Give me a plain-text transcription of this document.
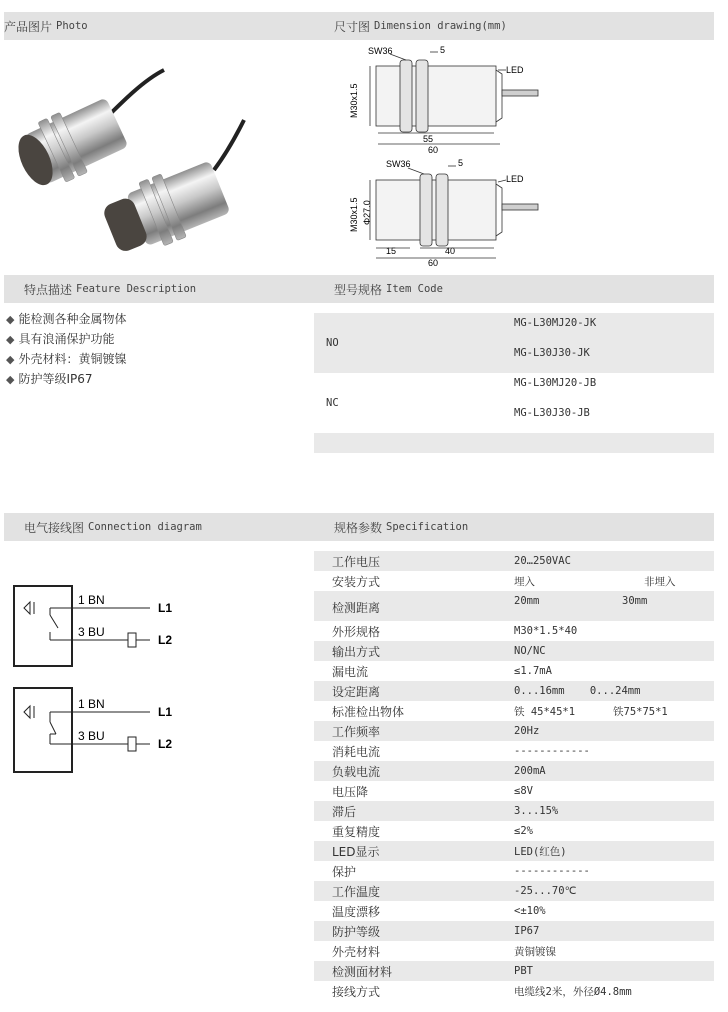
产品图片 Photo	尺寸图 Dimension drawing(mm)
SW36	5
LED
M30x1.5
55
60
SW36	5
LED
M30x1.5 Φ27.0
15	40
60
特点描述 Feature Description	型号规格 Item Code
◆ 能检测各种金属物体
◆ 具有浪涌保护功能
◆ 外壳材料：黄铜镀镍
◆ 防护等级IP67
NO
MG-L30MJ20-JK
MG-L30J30-JK
NC
MG-L30MJ20-JB
MG-L30J30-JB
电气接线图 Connection diagram	规格参数 Specification
1 BN
3 BU
L1
L2
1 BN
3 BU
L1
L2
工作电压	20…250VAC
安装方式	埋入	非埋入
检测距离	20mm	30mm
外形规格	M30*1.5*40
输出方式	NO/NC
漏电流	≤1.7mA
设定距离	0...16mm    0...24mm
标准检出物体	铁 45*45*1      铁75*75*1
工作频率	20Hz
消耗电流	------------
负载电流	200mA
电压降	≤8V
滞后	3...15%
重复精度	≤2%
LED显示	LED(红色)
保护	------------
工作温度	-25...70℃
温度漂移	<±10%
防护等级	IP67
外壳材料	黄铜镀镍
检测面材料	PBT
接线方式	电缆线2米，外径Ø4.8mm
